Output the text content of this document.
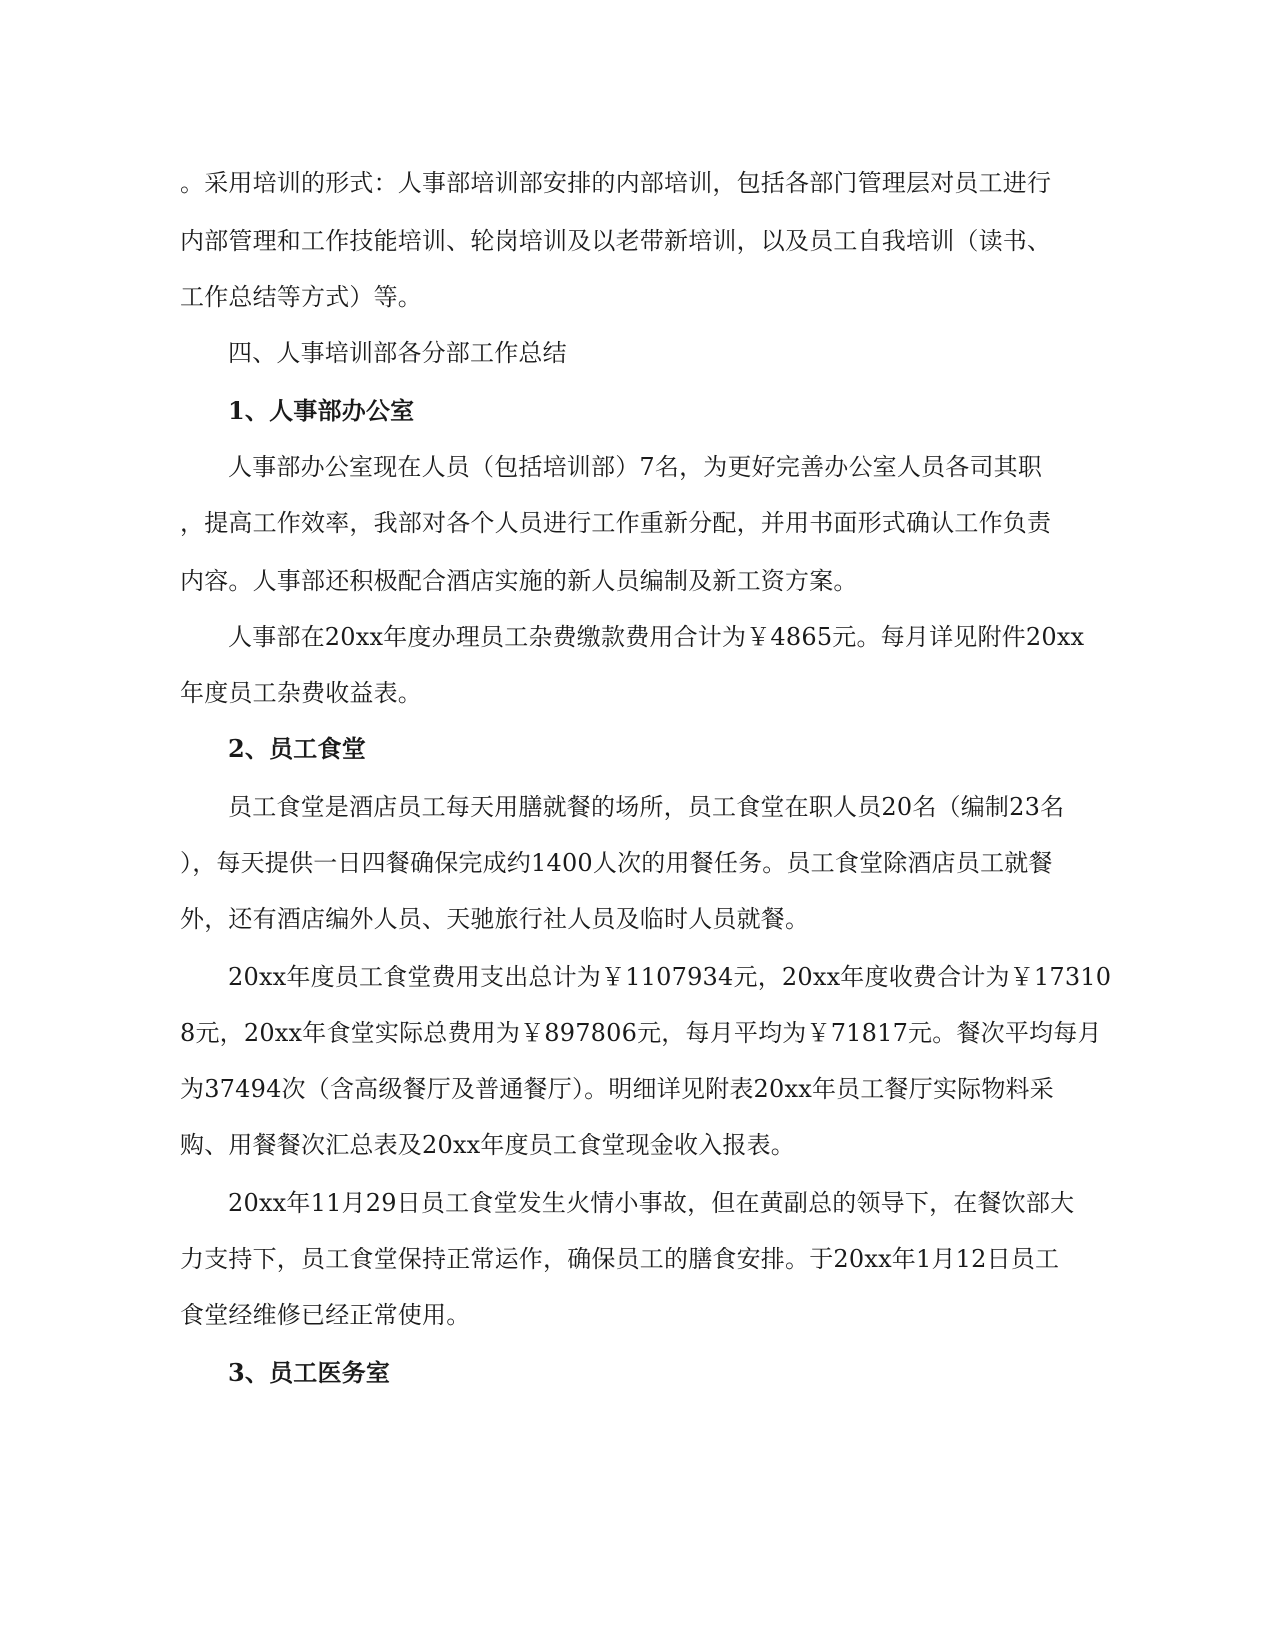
。采用培训的形式：人事部培训部安排的内部培训，包括各部门管理层对员工进行
内部管理和工作技能培训、轮岗培训及以老带新培训，以及员工自我培训（读书、
工作总结等方式）等。
四、人事培训部各分部工作总结
1、人事部办公室
人事部办公室现在人员（包括培训部）7名，为更好完善办公室人员各司其职
，提高工作效率，我部对各个人员进行工作重新分配，并用书面形式确认工作负责
内容。人事部还积极配合酒店实施的新人员编制及新工资方案。
人事部在20xx年度办理员工杂费缴款费用合计为￥4865元。每月详见附件20xx
年度员工杂费收益表。
2、员工食堂
员工食堂是酒店员工每天用膳就餐的场所，员工食堂在职人员20名（编制23名
），每天提供一日四餐确保完成约1400人次的用餐任务。员工食堂除酒店员工就餐
外，还有酒店编外人员、天驰旅行社人员及临时人员就餐。
20xx年度员工食堂费用支出总计为￥1107934元，20xx年度收费合计为￥17310
8元，20xx年食堂实际总费用为￥897806元，每月平均为￥71817元。餐次平均每月
为37494次（含高级餐厅及普通餐厅）。明细详见附表20xx年员工餐厅实际物料采
购、用餐餐次汇总表及20xx年度员工食堂现金收入报表。
20xx年11月29日员工食堂发生火情小事故，但在黄副总的领导下，在餐饮部大
力支持下，员工食堂保持正常运作，确保员工的膳食安排。于20xx年1月12日员工
食堂经维修已经正常使用。
3、员工医务室
